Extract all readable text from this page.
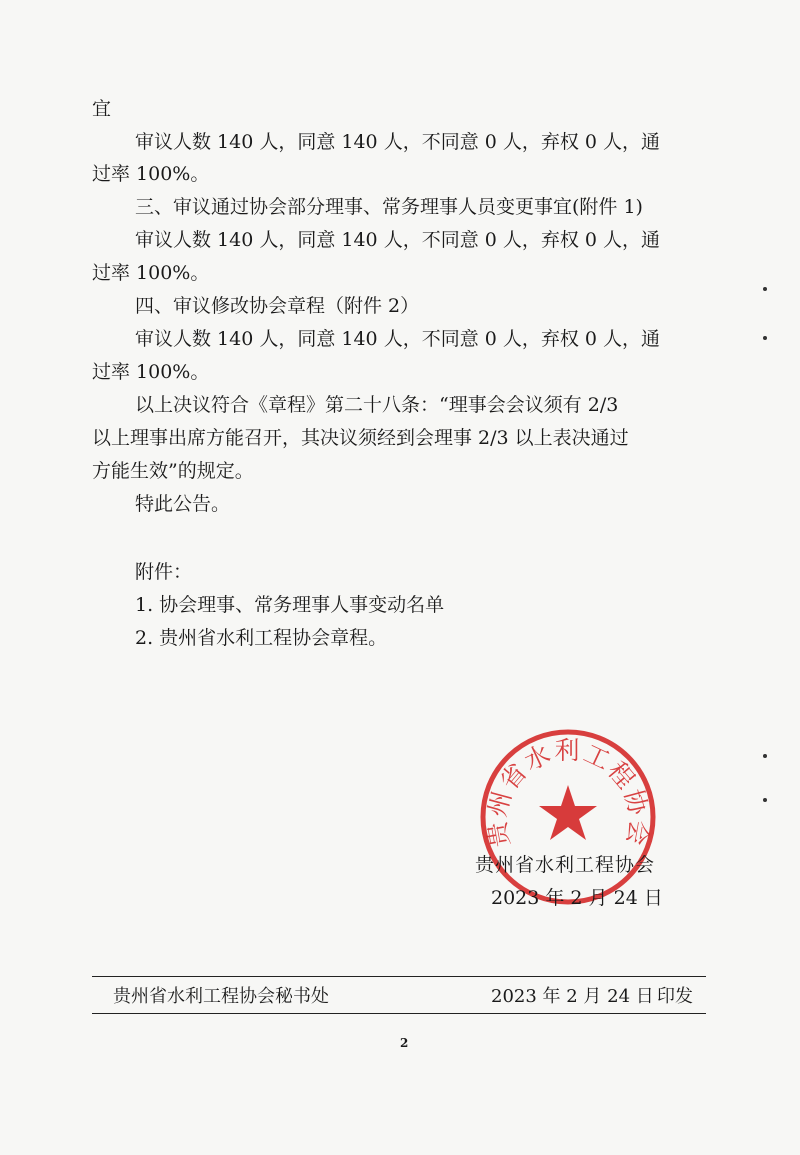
宜
审议人数 140 人，同意 140 人，不同意 0 人，弃权 0 人，通
过率 100%。
三、审议通过协会部分理事、常务理事人员变更事宜(附件 1)
审议人数 140 人，同意 140 人，不同意 0 人，弃权 0 人，通
过率 100%。
四、审议修改协会章程（附件 2）
审议人数 140 人，同意 140 人，不同意 0 人，弃权 0 人，通
过率 100%。
以上决议符合《章程》第二十八条：“理事会会议须有 2/3
以上理事出席方能召开，其决议须经到会理事 2/3 以上表决通过
方能生效”的规定。
特此公告。
附件：
1. 协会理事、常务理事人事变动名单
2. 贵州省水利工程协会章程。
贵州省水利工程协会
贵州省水利工程协会
2023 年 2 月 24 日
贵州省水利工程协会秘书处	2023 年 2 月 24 日 印发
2
